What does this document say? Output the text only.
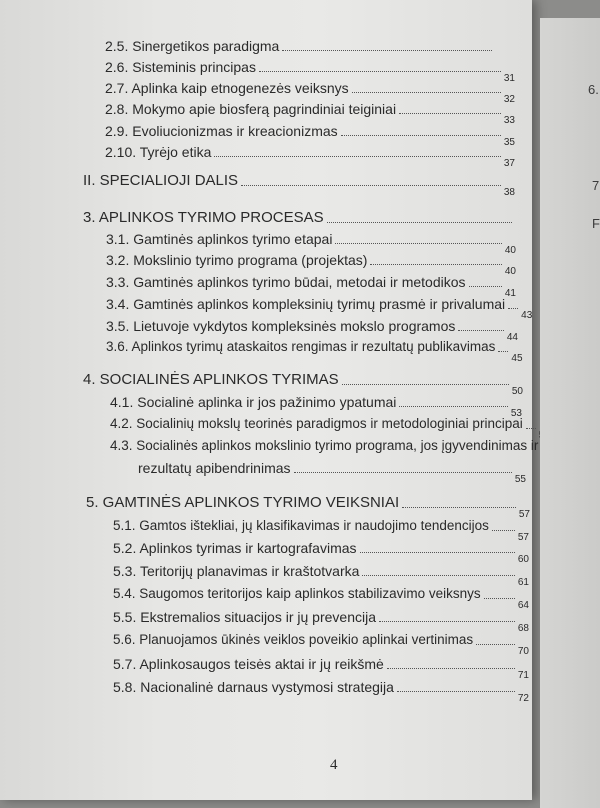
2.5. Sinergetikos paradigma
2.6. Sisteminis principas
31
2.7. Aplinka kaip etnogenezės veiksnys
32
2.8. Mokymo apie biosferą pagrindiniai teiginiai
33
2.9. Evoliucionizmas ir kreacionizmas
35
2.10. Tyrėjo etika
37
II. SPECIALIOJI DALIS
38
3. APLINKOS TYRIMO PROCESAS
3.1. Gamtinės aplinkos tyrimo etapai
40
3.2. Mokslinio tyrimo programa (projektas)
40
3.3. Gamtinės aplinkos tyrimo būdai, metodai ir metodikos
41
3.4. Gamtinės aplinkos kompleksinių tyrimų prasmė ir privalumai
43
3.5. Lietuvoje vykdytos kompleksinės mokslo programos
44
3.6. Aplinkos tyrimų ataskaitos rengimas ir rezultatų publikavimas
45
4. SOCIALINĖS APLINKOS TYRIMAS
50
4.1. Socialinė aplinka ir jos pažinimo ypatumai
53
4.2. Socialinių mokslų teorinės paradigmos ir metodologiniai principai
4.3. Socialinės aplinkos mokslinio tyrimo programa, jos įgyvendinimas ir
rezultatų apibendrinimas
55
5. GAMTINĖS APLINKOS TYRIMO VEIKSNIAI
57
5.1. Gamtos ištekliai, jų klasifikavimas ir naudojimo tendencijos
57
5.2. Aplinkos tyrimas ir kartografavimas
60
5.3. Teritorijų planavimas ir kraštotvarka
61
5.4. Saugomos teritorijos kaip aplinkos stabilizavimo veiksnys
64
5.5. Ekstremalios situacijos ir jų prevencija
68
5.6. Planuojamos ūkinės veiklos poveikio aplinkai vertinimas
70
5.7. Aplinkosaugos teisės aktai ir jų reikšmė
71
5.8. Nacionalinė darnaus vystymosi strategija
72
4
6.
7
F
